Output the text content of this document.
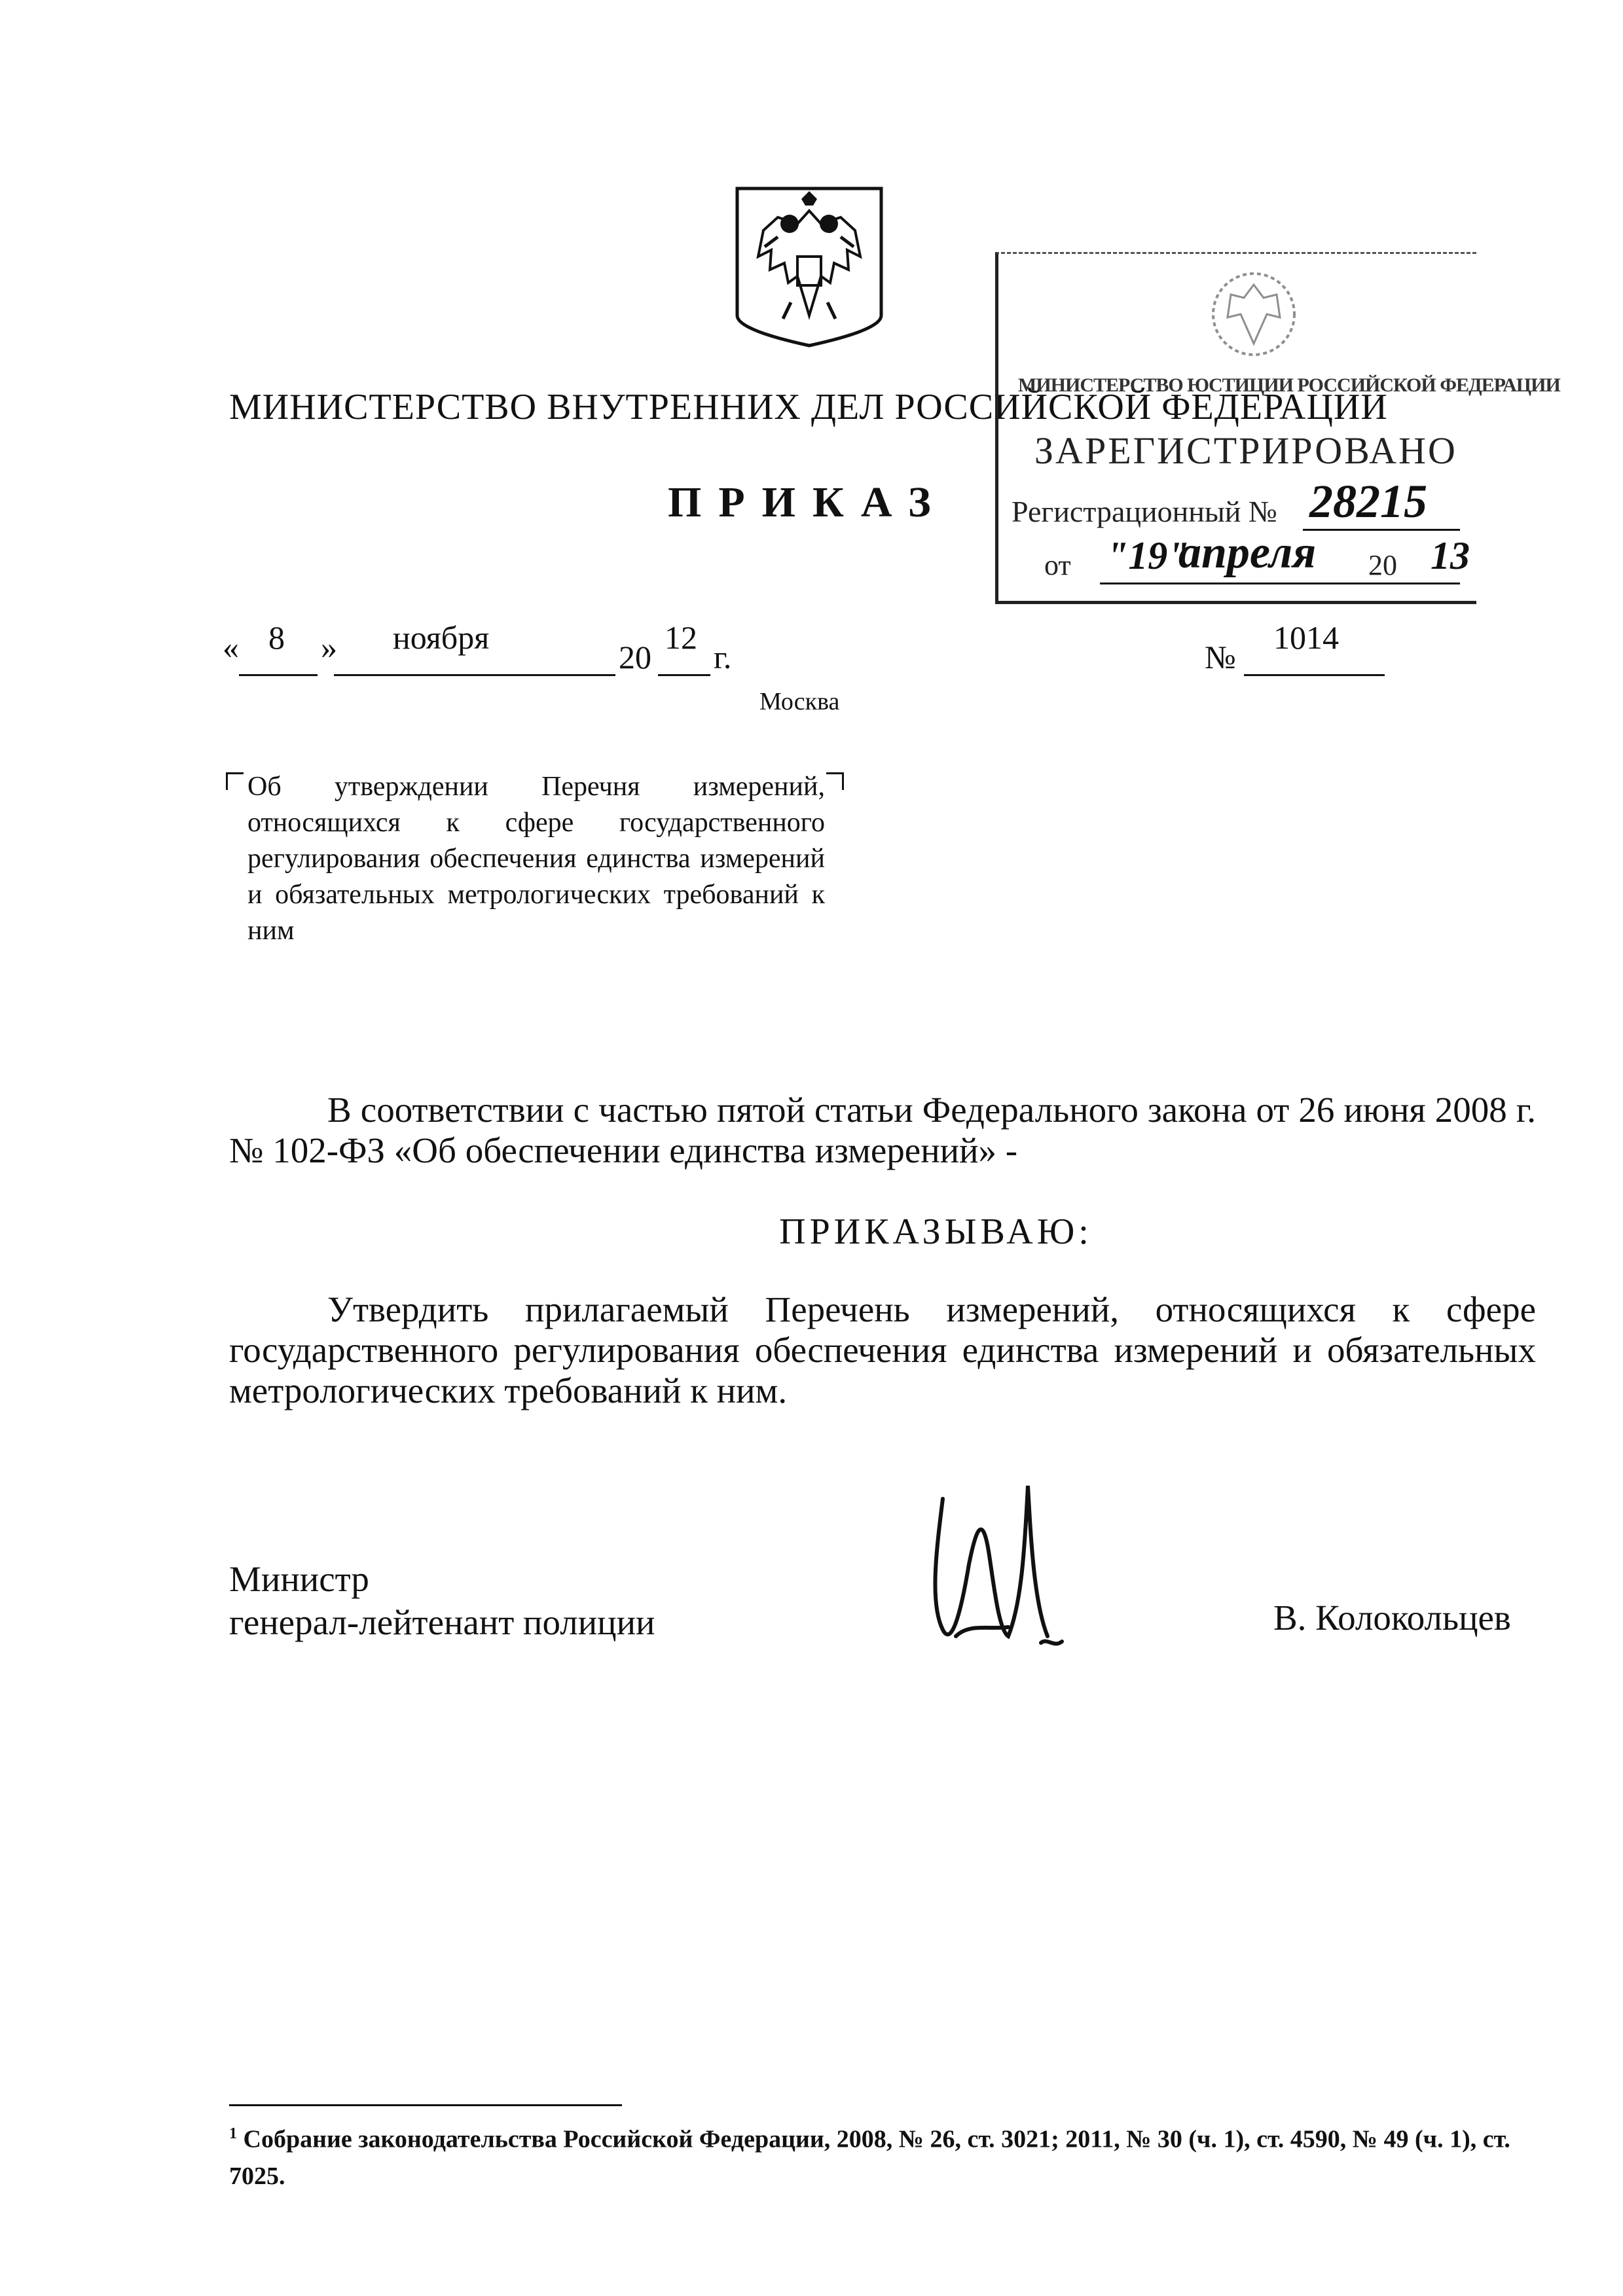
МИНИСТЕРСТВО ВНУТРЕННИХ ДЕЛ РОССИЙСКОЙ ФЕДЕРАЦИИ
ПРИКАЗ
МИНИСТЕРСТВО ЮСТИЦИИ РОССИЙСКОЙ ФЕДЕРАЦИИ
ЗАРЕГИСТРИРОВАНО
Регистрационный № 28215
от "19"
апреля 20 13
« 8 » ноября
20
12
г.	№
1014
Москва
Об утверждении Перечня измерений, относящихся к сфере государственного регулирования обеспечения единства измерений и обязательных метрологических требований к ним
В соответствии с частью пятой статьи Федерального закона от 26 июня 2008 г. № 102-ФЗ «Об обеспечении единства измерений» -
ПРИКАЗЫВАЮ:
Утвердить прилагаемый Перечень измерений, относящихся к сфере государственного регулирования обеспечения единства измерений и обязательных метрологических требований к ним.
Министр
генерал-лейтенант полиции	В. Колокольцев
$^1$ Собрание законодательства Российской Федерации, 2008, № 26, ст. 3021; 2011, № 30 (ч. 1), ст. 4590, № 49 (ч. 1), ст. 7025.
